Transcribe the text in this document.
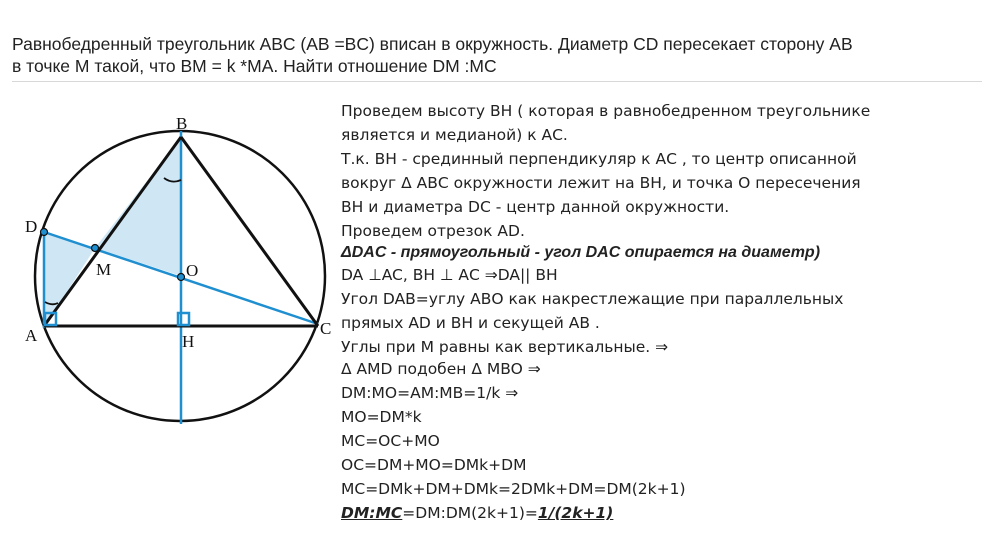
Равнобедренный треугольник ABC (AB =BC) вписан в окружность. Диаметр CD пересекает сторону AB
в точке M такой, что BM = k *MA. Найти отношение DM :MC
B
D
M	O
A	H
C
Проведем высоту ВН ( которая в равнобедренном треугольнике
является и медианой) к АС.
Т.к. ВН - срединный перпендикуляр к АС , то центр описанной
вокруг Δ АВС окружности лежит на ВН, и точка О пересечения
ВН и диаметра DC - центр данной окружности.
Проведем отрезок AD.
ΔDAC - прямоугольный - угол DAC опирается на диаметр)
DA ⊥AC, ВН ⊥ АС ⇒DA|| ВН
Угол DAB=углу АВО как накрестлежащие при параллельных
прямых AD и ВН и секущей АВ .
Углы при М равны как вертикальные. ⇒
Δ AMD подобен Δ MBO ⇒
DM:MO=AM:MB=1/k ⇒
MO=DM*k
MC=OC+MO
OC=DM+MO=DMk+DM
MC=DMk+DM+DMk=2DMk+DM=DM(2k+1)
DM:MC=DM:DM(2k+1)=1/(2k+1)
